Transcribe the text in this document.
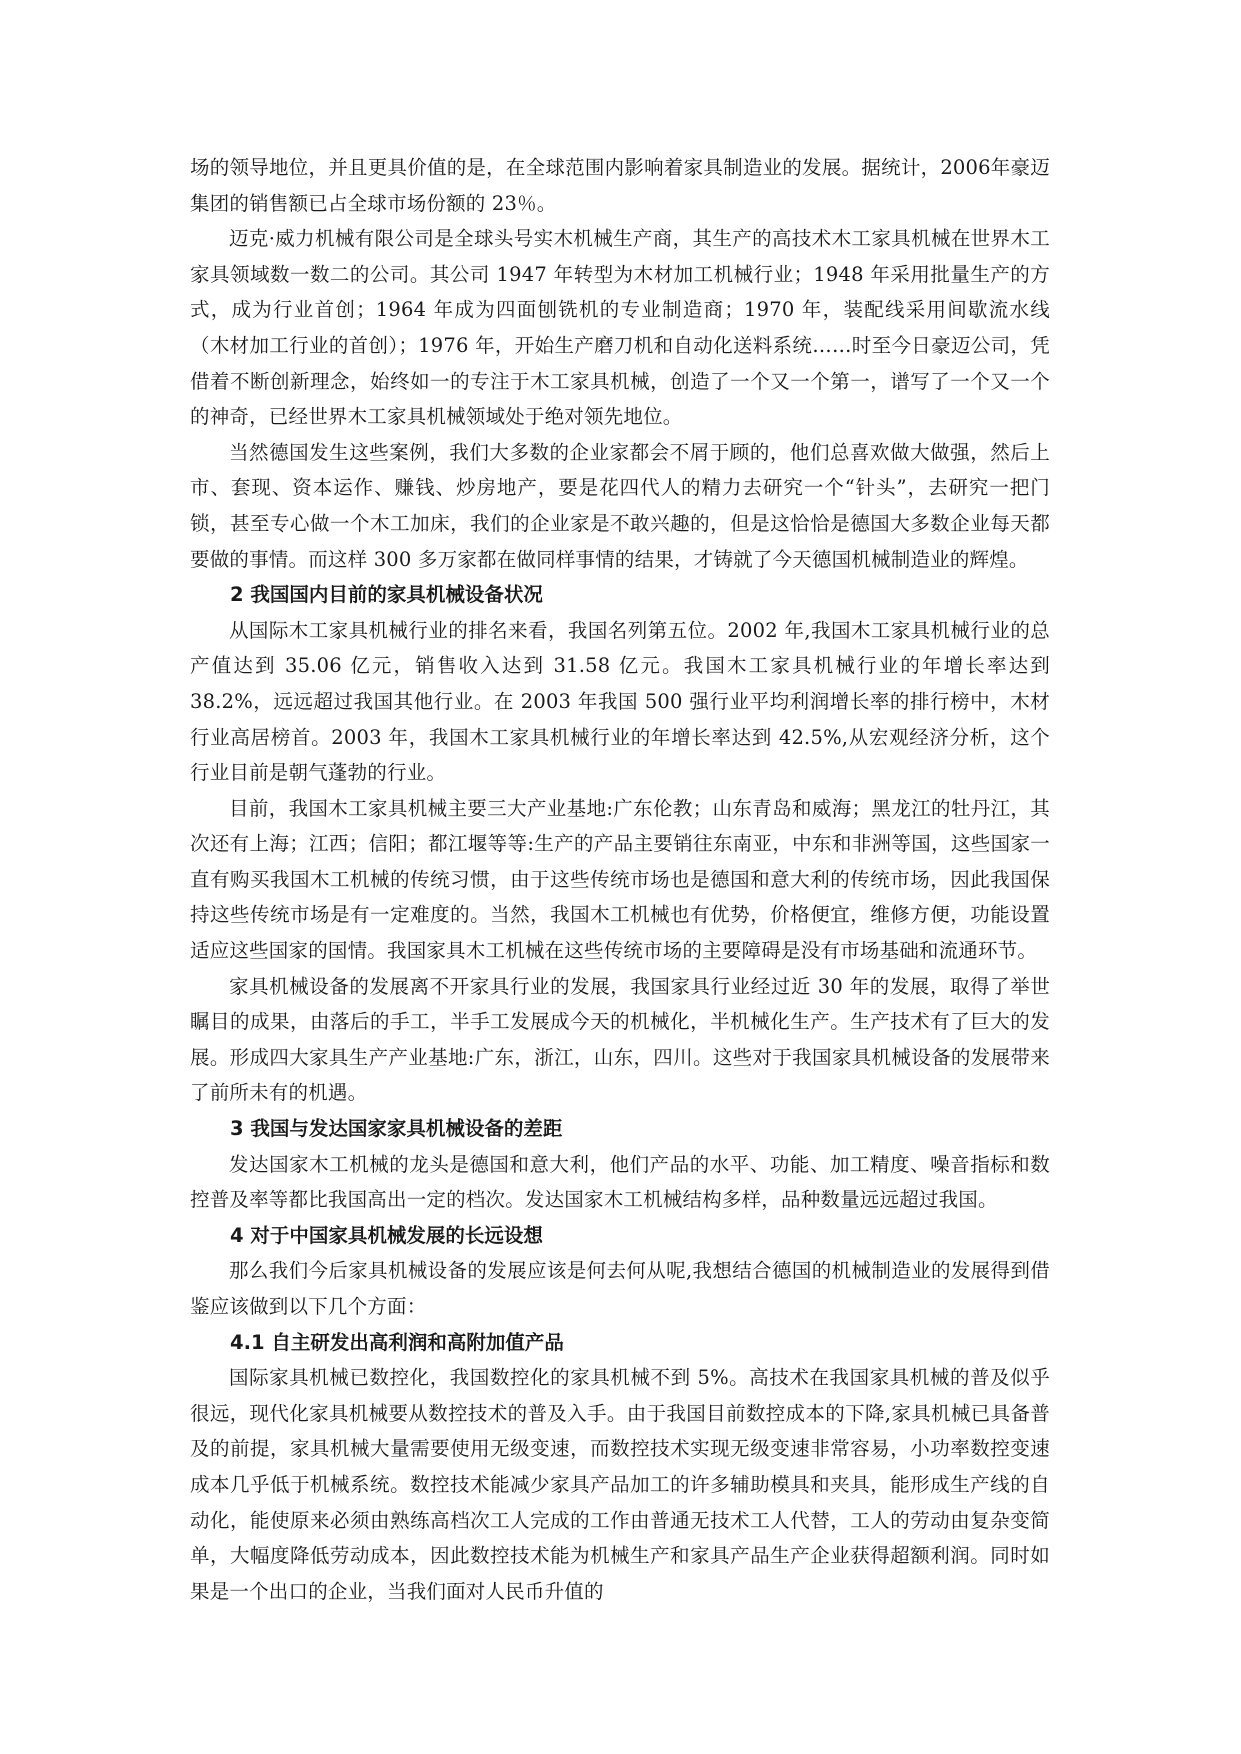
场的领导地位，并且更具价值的是，在全球范围内影响着家具制造业的发展。据统计，2006年豪迈集团的销售额已占全球市场份额的 23％。

迈克·威力机械有限公司是全球头号实木机械生产商，其生产的高技术木工家具机械在世界木工家具领域数一数二的公司。其公司 1947 年转型为木材加工机械行业；1948 年采用批量生产的方式，成为行业首创；1964 年成为四面刨铣机的专业制造商；1970 年，装配线采用间歇流水线（木材加工行业的首创）；1976 年，开始生产磨刀机和自动化送料系统……时至今日豪迈公司，凭借着不断创新理念，始终如一的专注于木工家具机械，创造了一个又一个第一，谱写了一个又一个的神奇，已经世界木工家具机械领域处于绝对领先地位。

当然德国发生这些案例，我们大多数的企业家都会不屑于顾的，他们总喜欢做大做强，然后上市、套现、资本运作、赚钱、炒房地产，要是花四代人的精力去研究一个“针头”，去研究一把门锁，甚至专心做一个木工加床，我们的企业家是不敢兴趣的，但是这恰恰是德国大多数企业每天都要做的事情。而这样 300 多万家都在做同样事情的结果，才铸就了今天德国机械制造业的辉煌。

2 我国国内目前的家具机械设备状况

从国际木工家具机械行业的排名来看，我国名列第五位。2002 年,我国木工家具机械行业的总产值达到 35.06 亿元，销售收入达到 31.58 亿元。我国木工家具机械行业的年增长率达到 38.2%，远远超过我国其他行业。在 2003 年我国 500 强行业平均利润增长率的排行榜中，木材行业高居榜首。2003 年，我国木工家具机械行业的年增长率达到 42.5%,从宏观经济分析，这个行业目前是朝气蓬勃的行业。

目前，我国木工家具机械主要三大产业基地:广东伦教；山东青岛和威海；黑龙江的牡丹江，其次还有上海；江西；信阳；都江堰等等:生产的产品主要销往东南亚，中东和非洲等国，这些国家一直有购买我国木工机械的传统习惯，由于这些传统市场也是德国和意大利的传统市场，因此我国保持这些传统市场是有一定难度的。当然，我国木工机械也有优势，价格便宜，维修方便，功能设置适应这些国家的国情。我国家具木工机械在这些传统市场的主要障碍是没有市场基础和流通环节。

家具机械设备的发展离不开家具行业的发展，我国家具行业经过近 30 年的发展，取得了举世瞩目的成果，由落后的手工，半手工发展成今天的机械化，半机械化生产。生产技术有了巨大的发展。形成四大家具生产产业基地:广东，浙江，山东，四川。这些对于我国家具机械设备的发展带来了前所未有的机遇。

3 我国与发达国家家具机械设备的差距

发达国家木工机械的龙头是德国和意大利，他们产品的水平、功能、加工精度、噪音指标和数控普及率等都比我国高出一定的档次。发达国家木工机械结构多样，品种数量远远超过我国。

4 对于中国家具机械发展的长远设想

那么我们今后家具机械设备的发展应该是何去何从呢,我想结合德国的机械制造业的发展得到借鉴应该做到以下几个方面：

4.1 自主研发出高利润和高附加值产品

国际家具机械已数控化，我国数控化的家具机械不到 5%。高技术在我国家具机械的普及似乎很远，现代化家具机械要从数控技术的普及入手。由于我国目前数控成本的下降,家具机械已具备普及的前提，家具机械大量需要使用无级变速，而数控技术实现无级变速非常容易，小功率数控变速成本几乎低于机械系统。数控技术能减少家具产品加工的许多辅助模具和夹具，能形成生产线的自动化，能使原来必须由熟练高档次工人完成的工作由普通无技术工人代替，工人的劳动由复杂变简单，大幅度降低劳动成本，因此数控技术能为机械生产和家具产品生产企业获得超额利润。同时如果是一个出口的企业，当我们面对人民币升值的
